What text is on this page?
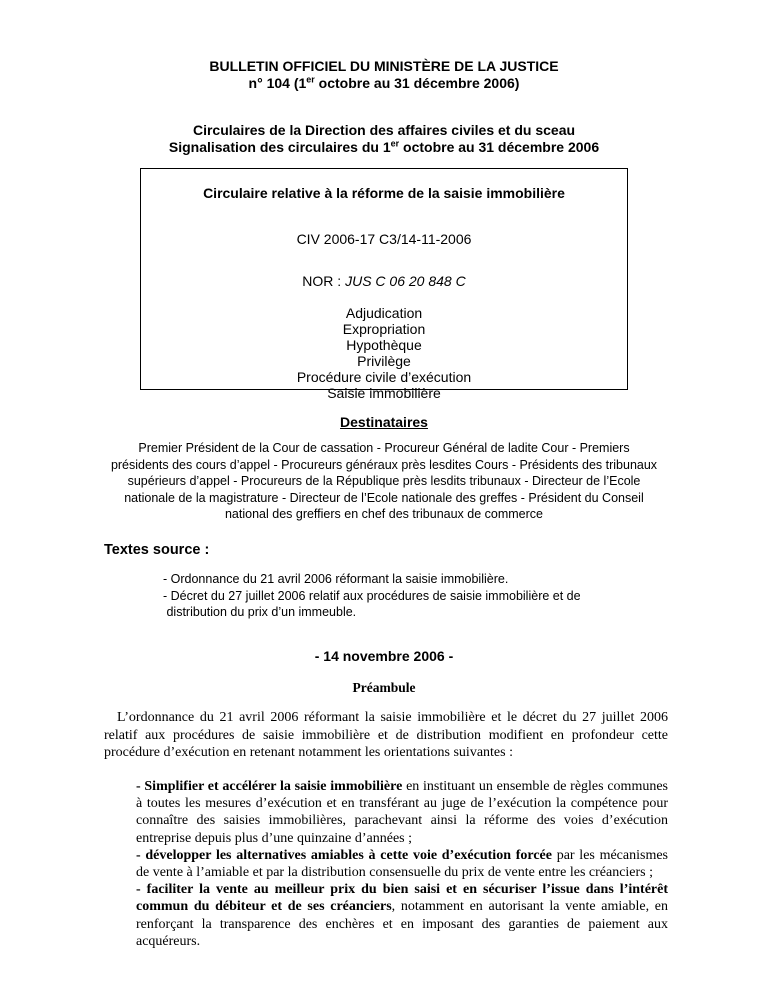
BULLETIN OFFICIEL DU MINISTÈRE DE LA JUSTICE
n° 104 (1er octobre au 31 décembre 2006)
Circulaires de la Direction des affaires civiles et du sceau
Signalisation des circulaires du 1er octobre au 31 décembre 2006
Circulaire relative à la réforme de la saisie immobilière
CIV 2006-17 C3/14-11-2006
NOR : JUS C 06 20 848 C
Adjudication
Expropriation
Hypothèque
Privilège
Procédure civile d’exécution
Saisie immobilière
Destinataires
Premier Président de la Cour de cassation - Procureur Général de ladite Cour - Premiers
présidents des cours d’appel - Procureurs généraux près lesdites Cours - Présidents des tribunaux
supérieurs d’appel - Procureurs de la République près lesdits tribunaux - Directeur de l’Ecole
nationale de la magistrature - Directeur de l’Ecole nationale des greffes - Président du Conseil
national des greffiers en chef des tribunaux de commerce
Textes source :
- Ordonnance du 21 avril 2006 réformant la saisie immobilière.
- Décret du 27 juillet 2006 relatif aux procédures de saisie immobilière et de
distribution du prix d’un immeuble.
- 14 novembre 2006 -
Préambule
L’ordonnance du 21 avril 2006 réformant la saisie immobilière et le décret du 27 juillet 2006 relatif aux procédures de saisie immobilière et de distribution modifient en profondeur cette procédure d’exécution en retenant notamment les orientations suivantes :

- Simplifier et accélérer la saisie immobilière en instituant un ensemble de règles communes à toutes les mesures d’exécution et en transférant au juge de l’exécution la compétence pour connaître des saisies immobilières, parachevant ainsi la réforme des voies d’exécution entreprise depuis plus d’une quinzaine d’années ;

- développer les alternatives amiables à cette voie d’exécution forcée par les mécanismes de vente à l’amiable et par la distribution consensuelle du prix de vente entre les créanciers ;

- faciliter la vente au meilleur prix du bien saisi et en sécuriser l’issue dans l’intérêt commun du débiteur et de ses créanciers, notamment en autorisant la vente amiable, en renforçant la transparence des enchères et en imposant des garanties de paiement aux acquéreurs.
